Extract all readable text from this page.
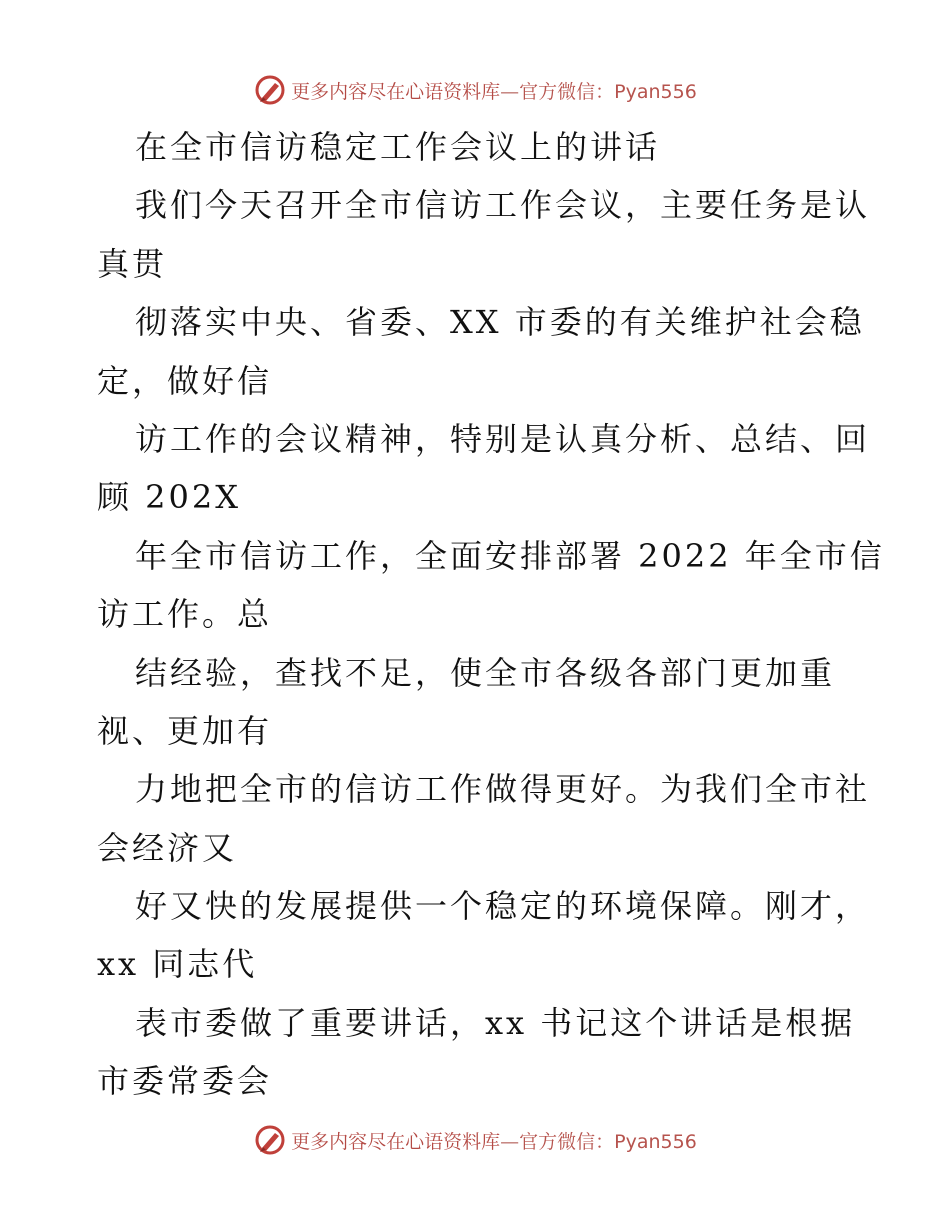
更多内容尽在心语资料库—官方微信：Pyan556
在全市信访稳定工作会议上的讲话
我们今天召开全市信访工作会议，主要任务是认
真贯
彻落实中央、省委、XX 市委的有关维护社会稳
定，做好信
访工作的会议精神，特别是认真分析、总结、回
顾 202X
年全市信访工作，全面安排部署 2022 年全市信
访工作。总
结经验，查找不足，使全市各级各部门更加重
视、更加有
力地把全市的信访工作做得更好。为我们全市社
会经济又
好又快的发展提供一个稳定的环境保障。刚才，
xx 同志代
表市委做了重要讲话，xx 书记这个讲话是根据
市委常委会
更多内容尽在心语资料库—官方微信：Pyan556
